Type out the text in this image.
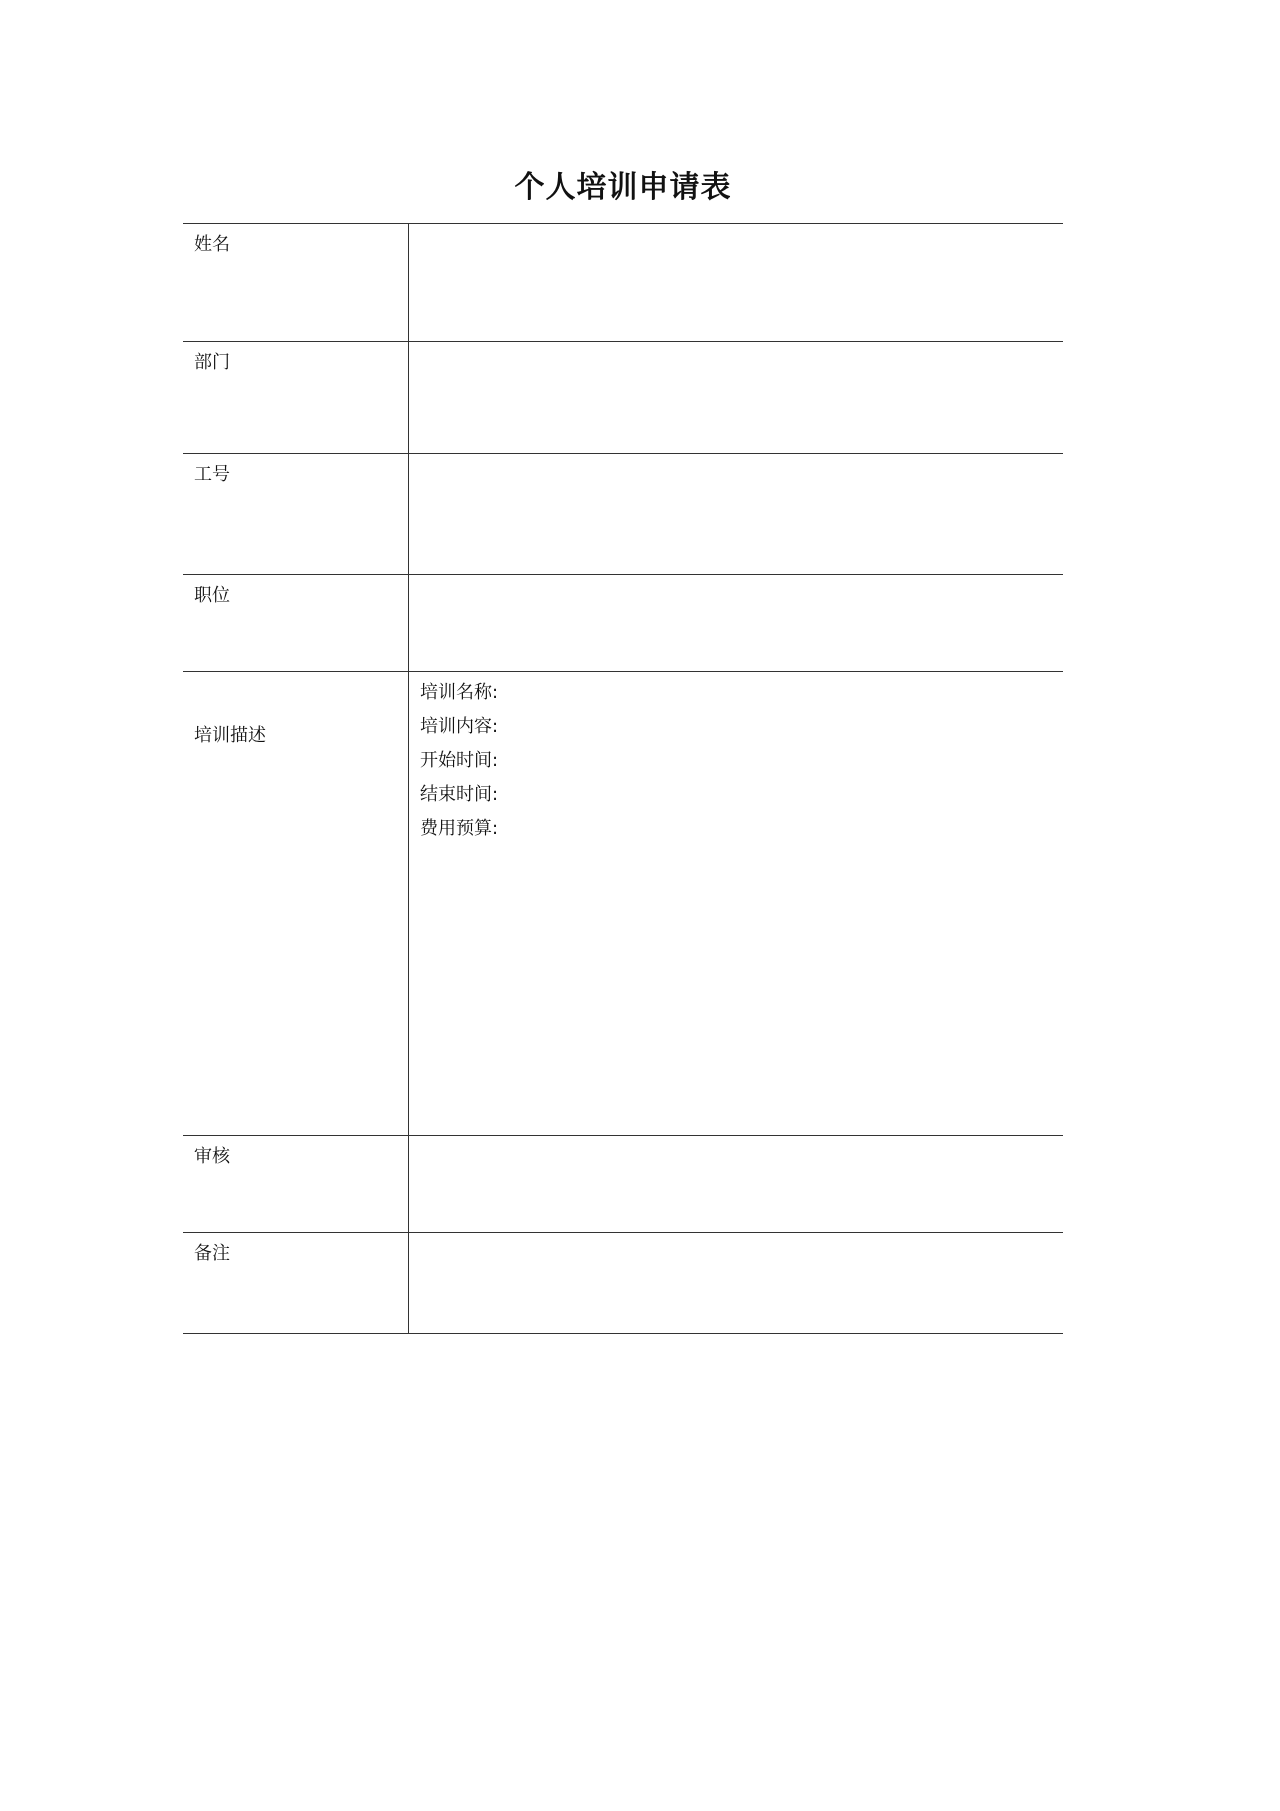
个人培训申请表
姓名	
部门	
工号	
职位	
培训描述	培训名称:
培训内容:
开始时间:
结束时间:
费用预算:

审核	
备注	
